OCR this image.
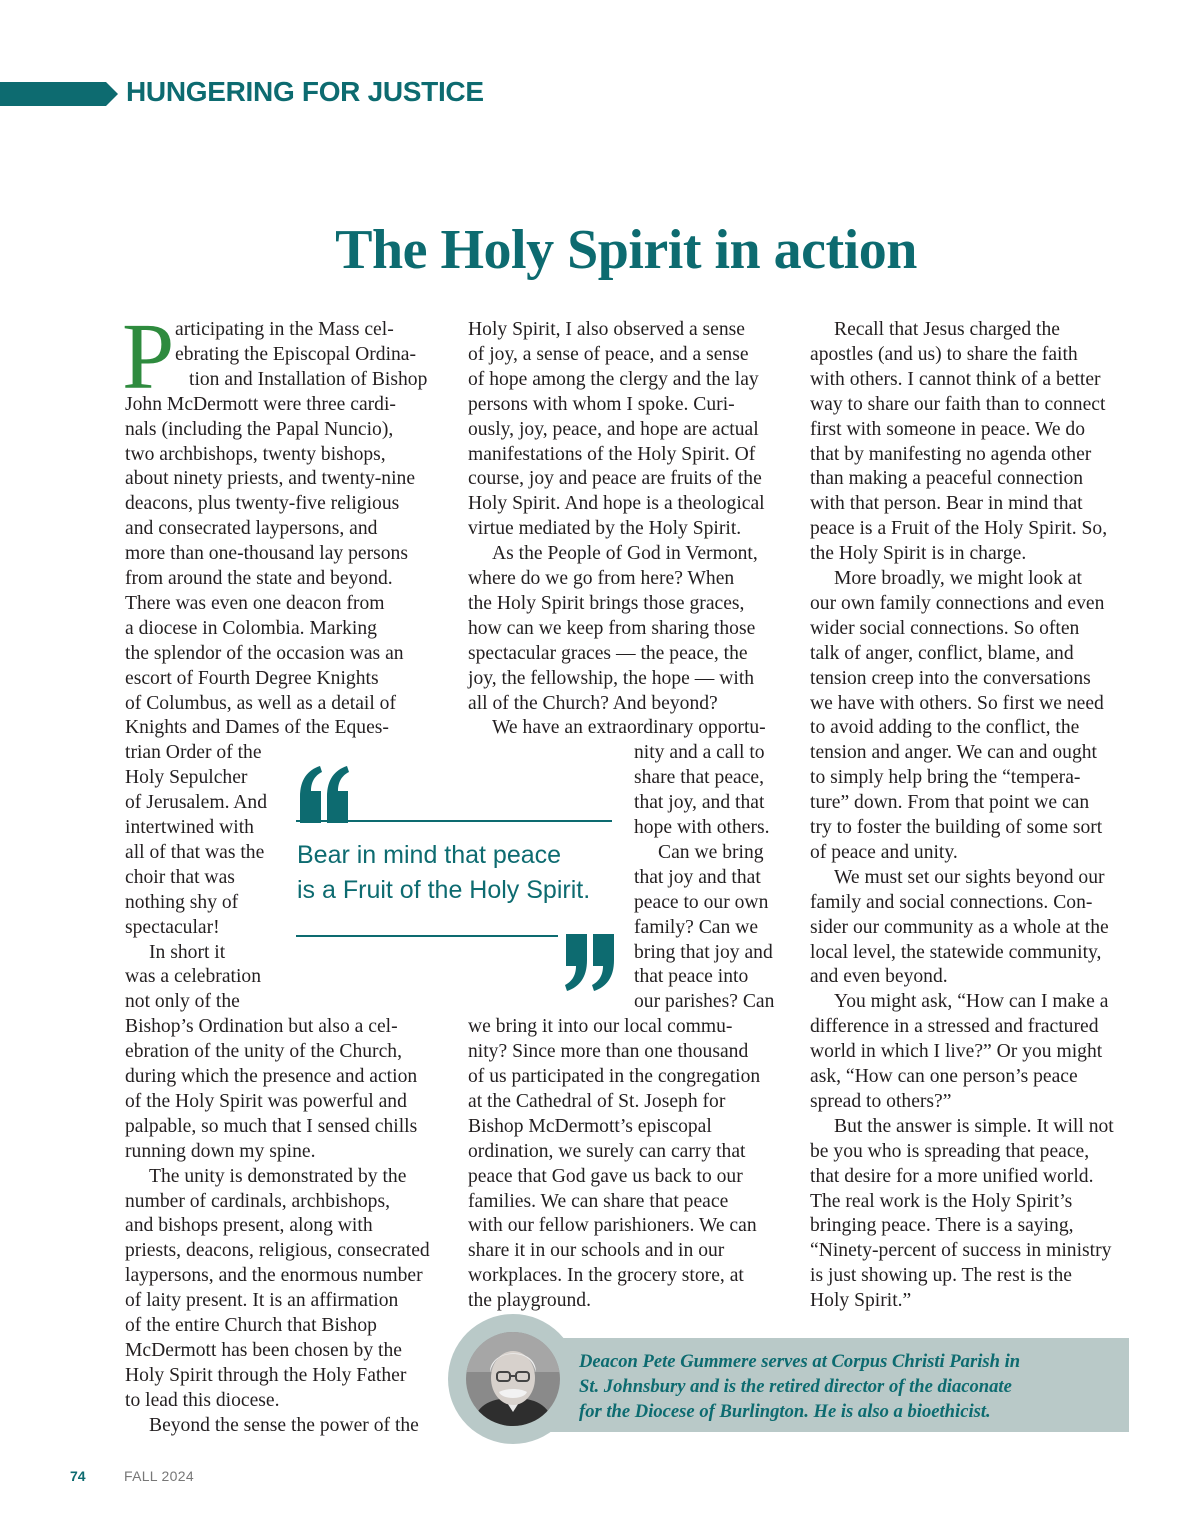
HUNGERING FOR JUSTICE
The Holy Spirit in action
P articipating in the Mass cel-
ebrating the Episcopal Ordina-
tion and Installation of Bishop
John McDermott were three cardi-
nals (including the Papal Nuncio),
two archbishops, twenty bishops,
about ninety priests, and twenty-nine
deacons, plus twenty-five religious
and consecrated laypersons, and
more than one-thousand lay persons
from around the state and beyond.
There was even one deacon from
a diocese in Colombia. Marking
the splendor of the occasion was an
escort of Fourth Degree Knights
of Columbus, as well as a detail of
Knights and Dames of the Eques-
trian Order of the
Holy Sepulcher
of Jerusalem. And
intertwined with
all of that was the
choir that was
nothing shy of
spectacular!
In short it
was a celebration
not only of the
Bishop’s Ordination but also a cel-
ebration of the unity of the Church,
during which the presence and action
of the Holy Spirit was powerful and
palpable, so much that I sensed chills
running down my spine.
The unity is demonstrated by the
number of cardinals, archbishops,
and bishops present, along with
priests, deacons, religious, consecrated
laypersons, and the enormous number
of laity present. It is an affirmation
of the entire Church that Bishop
McDermott has been chosen by the
Holy Spirit through the Holy Father
to lead this diocese.
Beyond the sense the power of the
Holy Spirit, I also observed a sense
of joy, a sense of peace, and a sense
of hope among the clergy and the lay
persons with whom I spoke. Curi-
ously, joy, peace, and hope are actual
manifestations of the Holy Spirit. Of
course, joy and peace are fruits of the
Holy Spirit. And hope is a theological
virtue mediated by the Holy Spirit.
As the People of God in Vermont,
where do we go from here? When
the Holy Spirit brings those graces,
how can we keep from sharing those
spectacular graces — the peace, the
joy, the fellowship, the hope — with
all of the Church? And beyond?
We have an extraordinary opportu-
nity and a call to
share that peace,
that joy, and that
hope with others.
Can we bring
that joy and that
peace to our own
family? Can we
bring that joy and
that peace into
our parishes? Can
we bring it into our local commu-
nity? Since more than one thousand
of us participated in the congregation
at the Cathedral of St. Joseph for
Bishop McDermott’s episcopal
ordination, we surely can carry that
peace that God gave us back to our
families. We can share that peace
with our fellow parishioners. We can
share it in our schools and in our
workplaces. In the grocery store, at
the playground.
Recall that Jesus charged the
apostles (and us) to share the faith
with others. I cannot think of a better
way to share our faith than to connect
first with someone in peace. We do
that by manifesting no agenda other
than making a peaceful connection
with that person. Bear in mind that
peace is a Fruit of the Holy Spirit. So,
the Holy Spirit is in charge.
More broadly, we might look at
our own family connections and even
wider social connections. So often
talk of anger, conflict, blame, and
tension creep into the conversations
we have with others. So first we need
to avoid adding to the conflict, the
tension and anger. We can and ought
to simply help bring the “tempera-
ture” down. From that point we can
try to foster the building of some sort
of peace and unity.
We must set our sights beyond our
family and social connections. Con-
sider our community as a whole at the
local level, the statewide community,
and even beyond.
You might ask, “How can I make a
difference in a stressed and fractured
world in which I live?” Or you might
ask, “How can one person’s peace
spread to others?”
But the answer is simple. It will not
be you who is spreading that peace,
that desire for a more unified world.
The real work is the Holy Spirit’s
bringing peace. There is a saying,
“Ninety-percent of success in ministry
is just showing up. The rest is the
Holy Spirit.”
Bear in mind that peace
is a Fruit of the Holy Spirit.
Deacon Pete Gummere serves at Corpus Christi Parish in
St. Johnsbury and is the retired director of the diaconate
for the Diocese of Burlington. He is also a bioethicist.
74	FALL 2024
